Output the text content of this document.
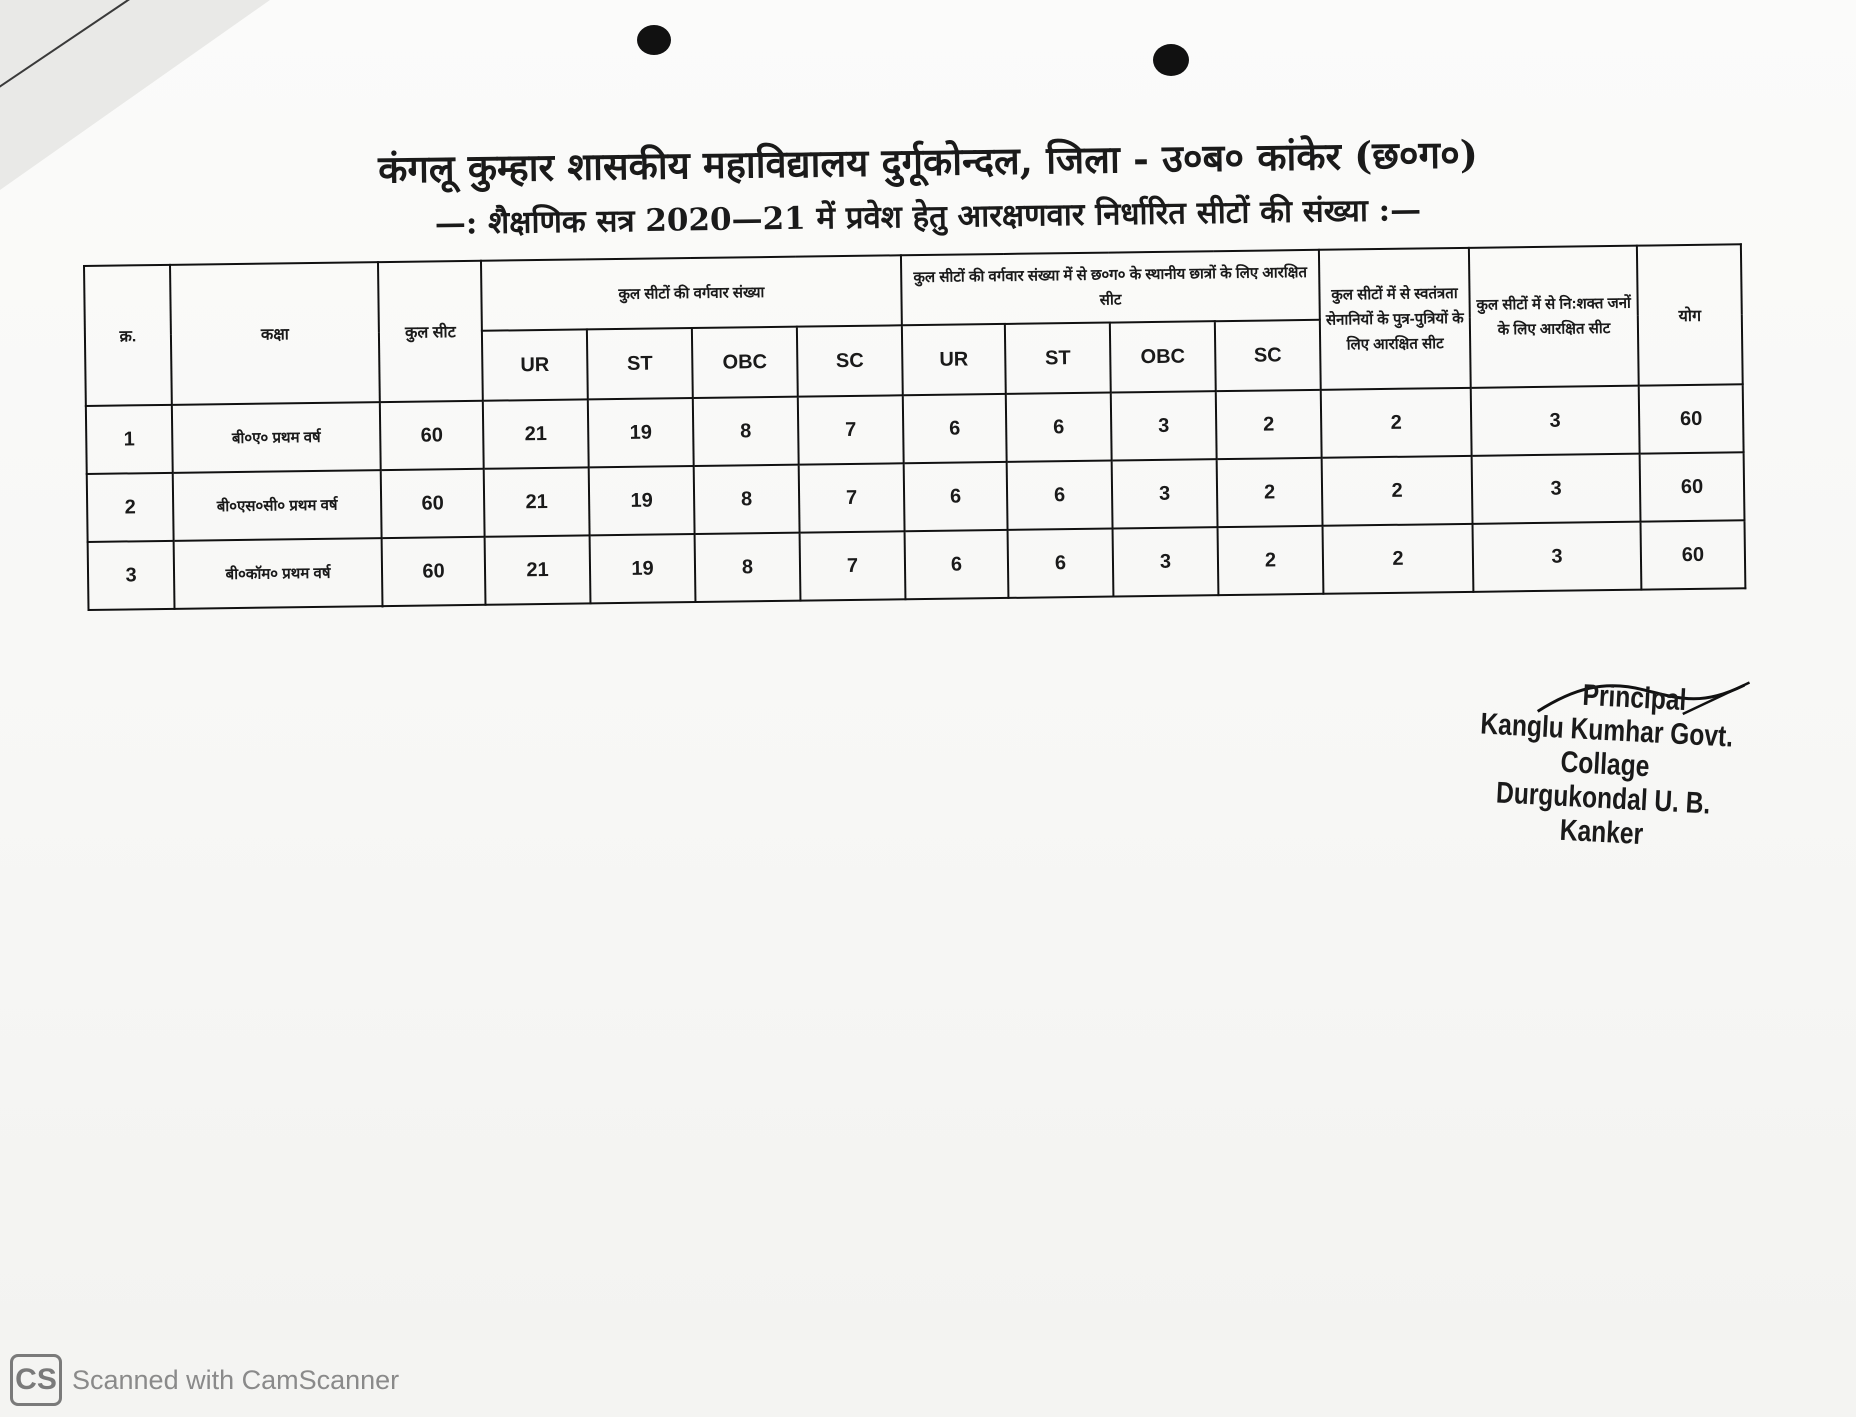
कंगलू कुम्हार शासकीय महाविद्यालय दुर्गूकोन्दल, जिला - उ०ब० कांकेर (छ०ग०)
—: शैक्षणिक सत्र 2020—21 में प्रवेश हेतु आरक्षणवार निर्धारित सीटों की संख्या :—
क्र.	कक्षा	कुल सीट	कुल सीटों की वर्गवार संख्या				कुल सीटों की वर्गवार संख्या में से छ०ग० के स्थानीय छात्रों के लिए आरक्षित सीट				कुल सीटों में से स्वतंत्रता सेनानियों के पुत्र-पुत्रियों के लिए आरक्षित सीट	कुल सीटों में से नि:शक्त जनों के लिए आरक्षित सीट	योग
			UR	ST	OBC	SC	UR	ST	OBC	SC			
1	बी०ए० प्रथम वर्ष	60	21	19	8	7	6	6	3	2	2	3	60
2	बी०एस०सी० प्रथम वर्ष	60	21	19	8	7	6	6	3	2	2	3	60
3	बी०कॉम० प्रथम वर्ष	60	21	19	8	7	6	6	3	2	2	3	60
Principal
Kanglu Kumhar Govt. Collage
Durgukondal U. B. Kanker
CS Scanned with CamScanner
